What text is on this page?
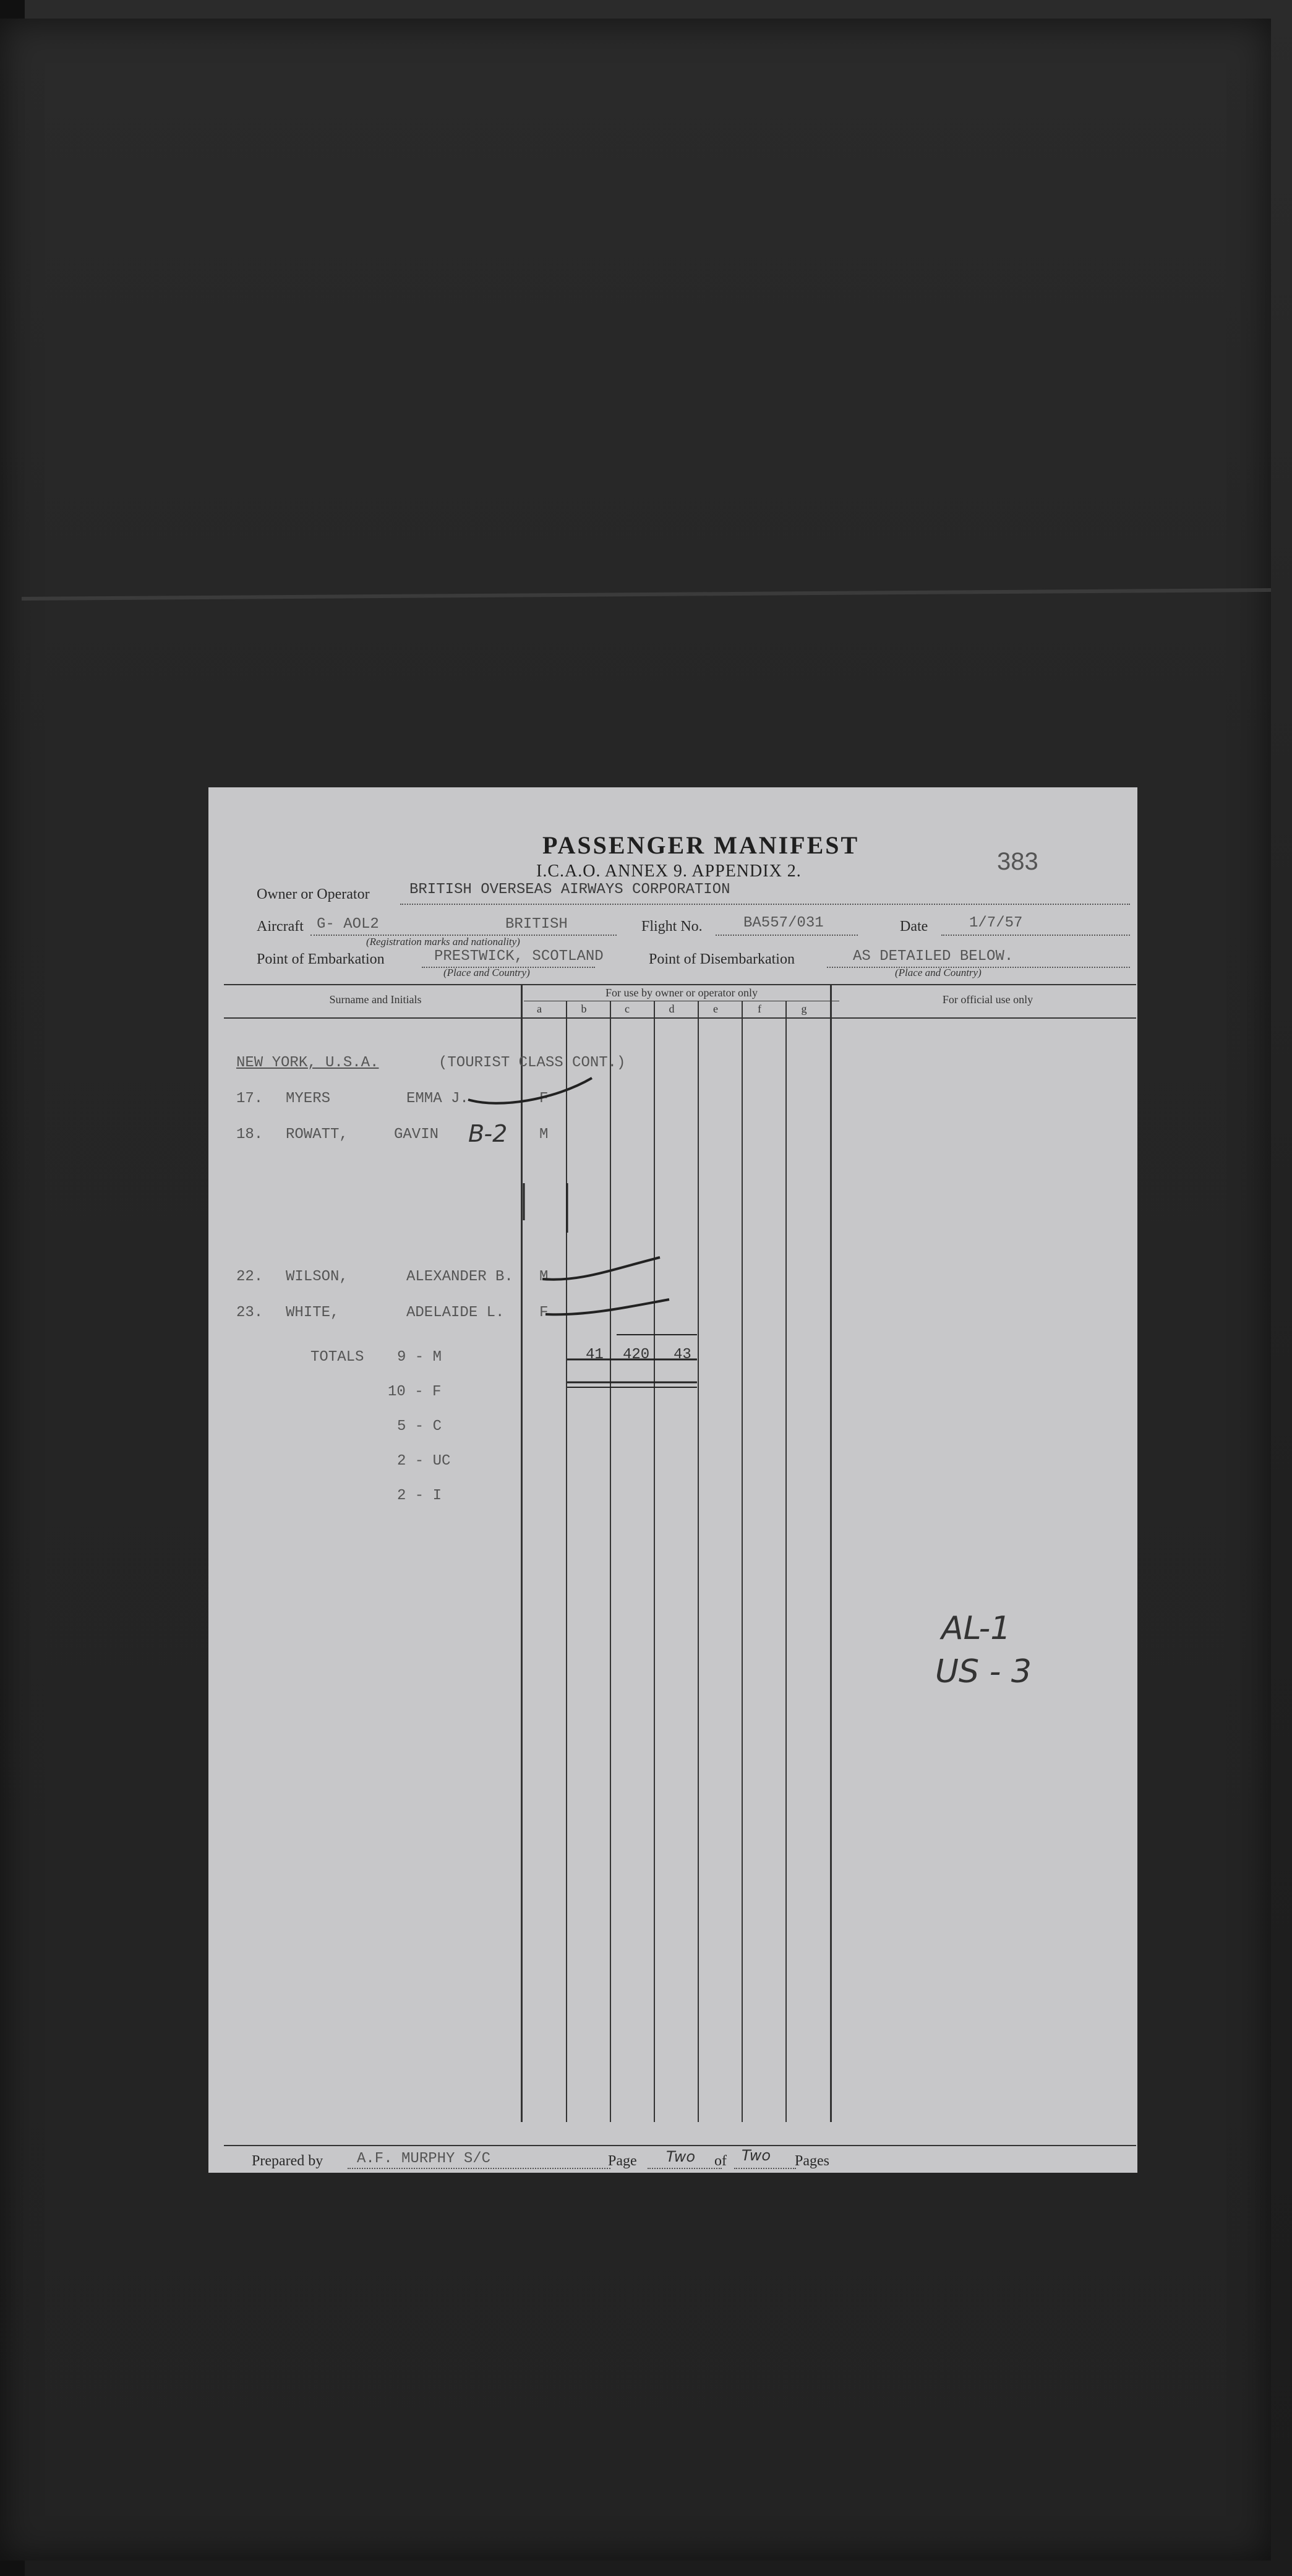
PASSENGER MANIFEST
I.C.A.O. ANNEX 9. APPENDIX 2.	383
Owner or Operator	BRITISH OVERSEAS AIRWAYS CORPORATION
Aircraft G- AOL2	BRITISH
(Registration marks and nationality)
Flight No.	BA557/031	Date	1/7/57
Point of Embarkation	PRESTWICK, SCOTLAND
(Place and Country)
Point of Disembarkation	AS DETAILED BELOW.
(Place and Country)
Surname and Initials
For use by owner or operator only
For official use only
a	b	c	d	e	f	g
NEW YORK, U.S.A.	(TOURIST CLASS CONT.)
17. MYERS	EMMA J.	F
18. ROWATT,	GAVIN B-2 M
22. WILSON,	ALEXANDER B. M
23. WHITE,	ADELAIDE L. F
TOTALS 9 - M
10 - F
5 - C
2 - UC
2 - I
41 420 43
AL-1
US - 3
Prepared by A.F. MURPHY S/C	Page Two of Two Pages
